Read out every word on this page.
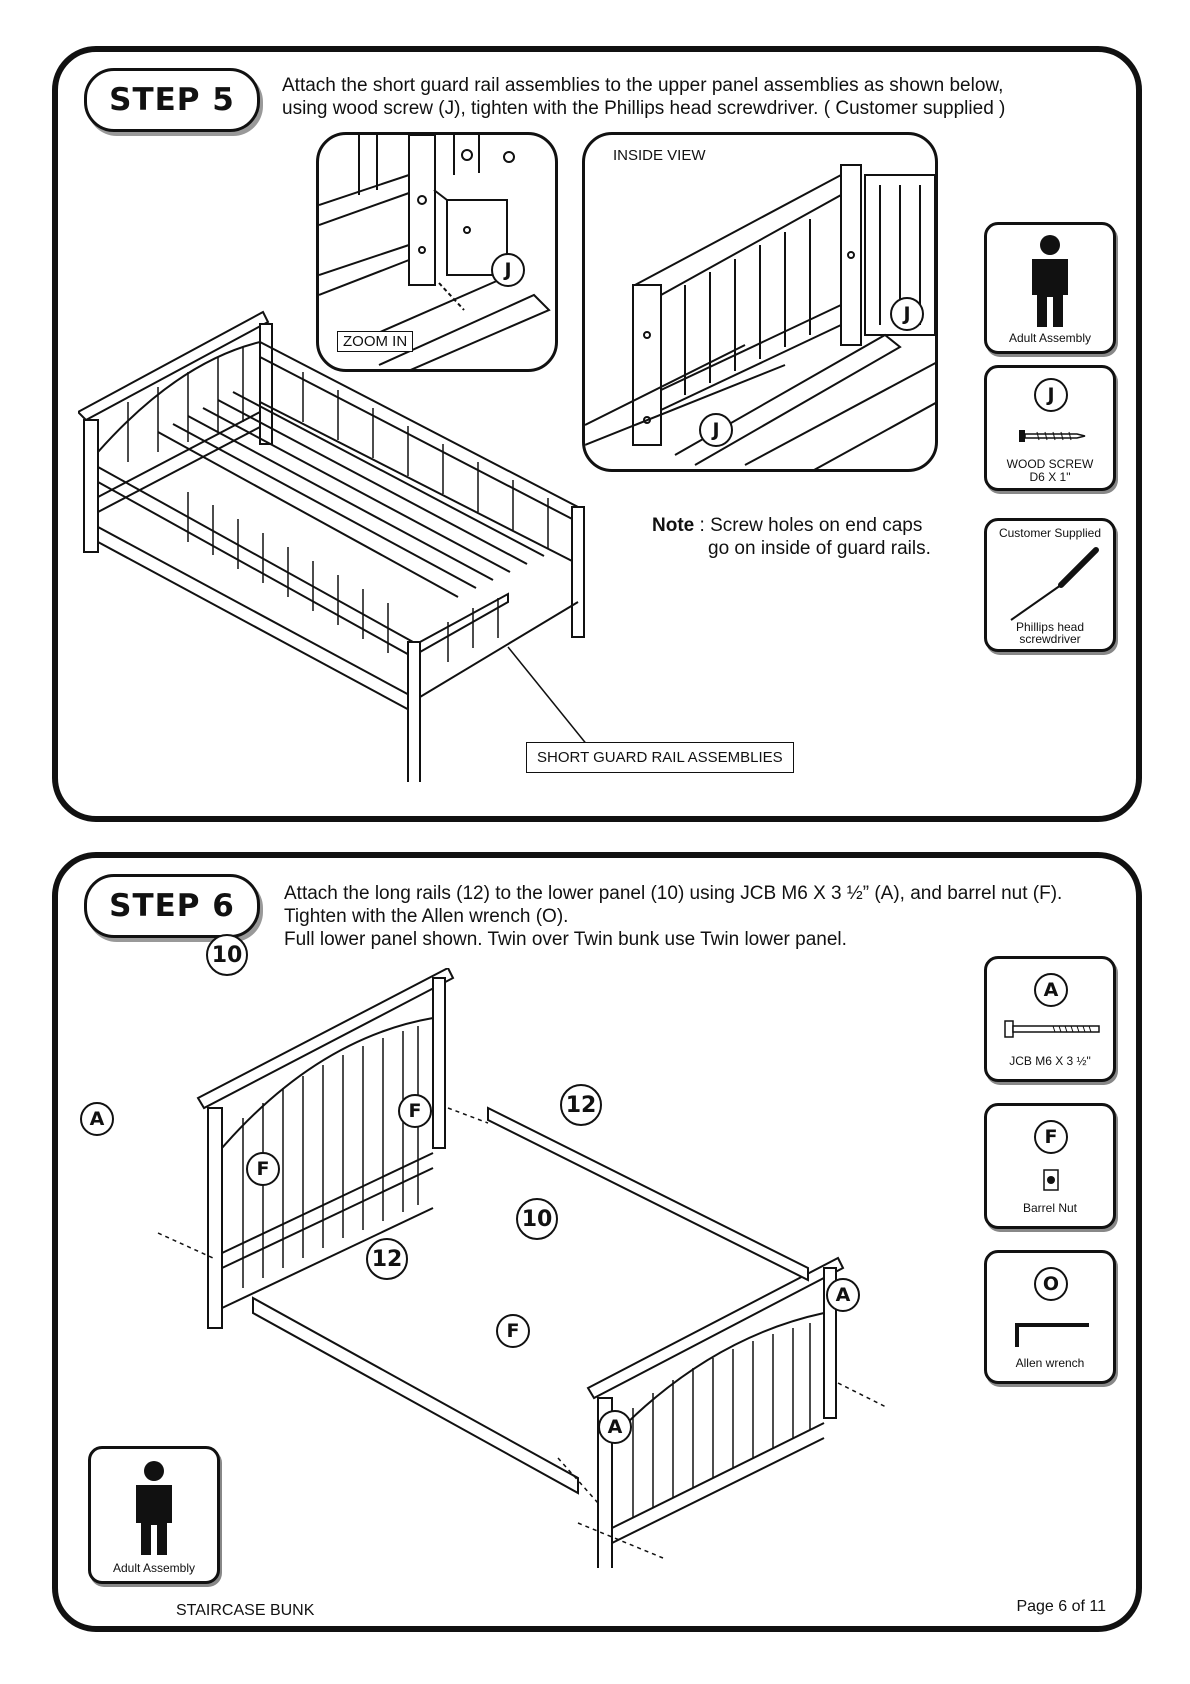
STEP 5	Attach the short guard rail assemblies to the upper panel assemblies as shown below,
using wood screw (J), tighten with the Phillips head screwdriver. ( Customer supplied )
J
ZOOM IN
INSIDE VIEW
J
J
SHORT GUARD RAIL ASSEMBLIES
Note : Screw holes on end caps
go on inside of guard rails.
Adult Assembly
J
WOOD SCREW
D6 X 1"
Customer Supplied
Phillips head
screwdriver
STEP 6	Attach the long rails (12) to the lower panel (10) using JCB M6 X 3 ½” (A), and barrel nut (F).
Tighten with the Allen wrench (O).
Full lower panel shown. Twin over Twin bunk use Twin lower panel.
10
10
12
12
A
A
A
F
F
F
A
JCB M6 X 3 ½"
F
Barrel Nut
O
Allen wrench
Adult Assembly
STAIRCASE BUNK	Page 6 of 11
